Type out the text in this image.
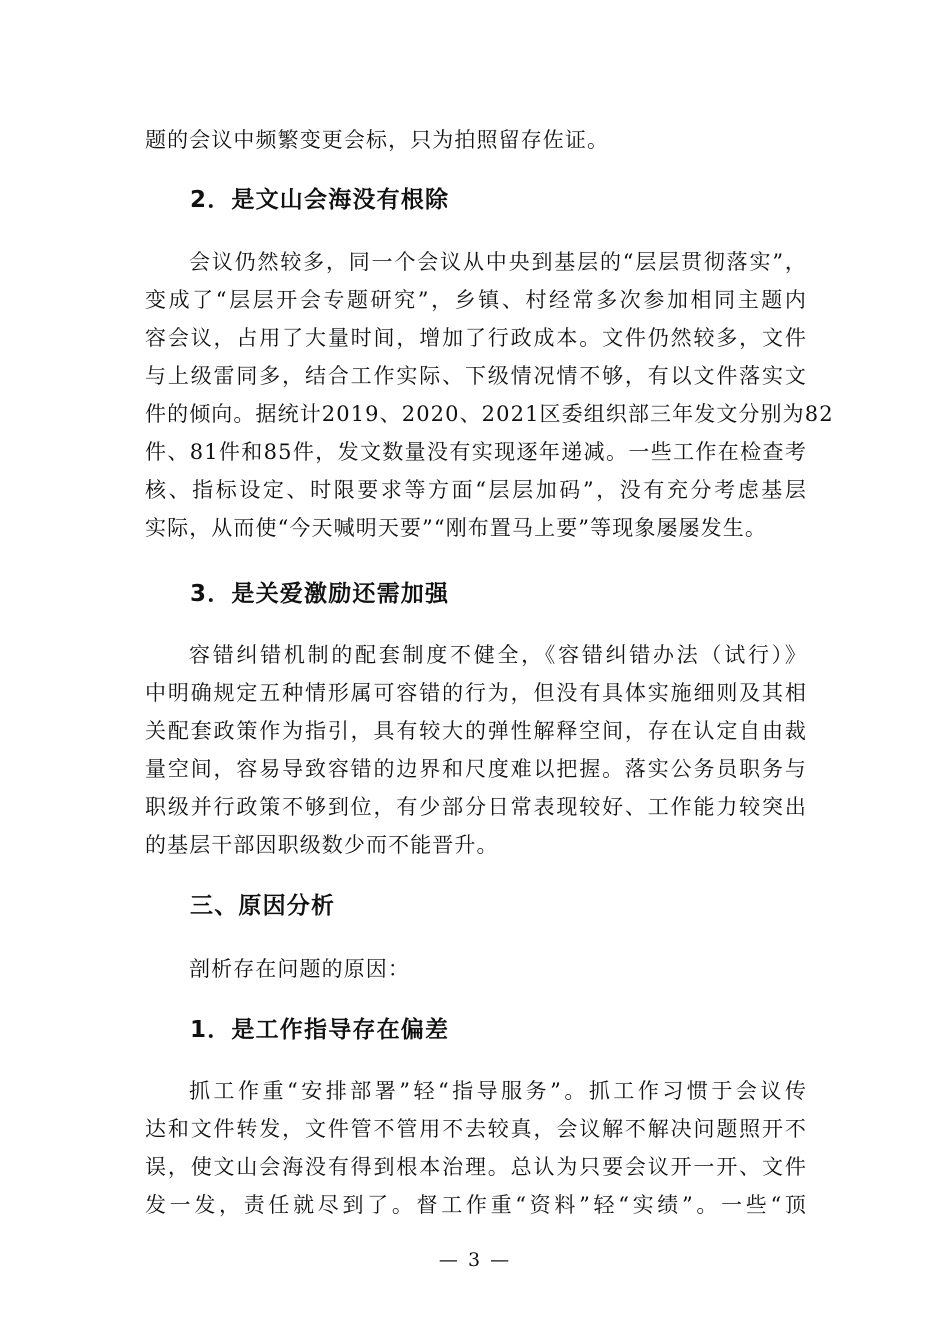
题的会议中频繁变更会标，只为拍照留存佐证。
2．是文山会海没有根除
会议仍然较多，同一个会议从中央到基层的“层层贯彻落实”，
变成了“层层开会专题研究”，乡镇、村经常多次参加相同主题内
容会议，占用了大量时间，增加了行政成本。文件仍然较多，文件
与上级雷同多，结合工作实际、下级情况情不够，有以文件落实文
件的倾向。据统计2019、2020、2021区委组织部三年发文分别为82
件、81件和85件，发文数量没有实现逐年递减。一些工作在检查考
核、指标设定、时限要求等方面“层层加码”，没有充分考虑基层
实际，从而使“今天喊明天要”“刚布置马上要”等现象屡屡发生。
3．是关爱激励还需加强
容错纠错机制的配套制度不健全，《容错纠错办法（试行）》
中明确规定五种情形属可容错的行为，但没有具体实施细则及其相
关配套政策作为指引，具有较大的弹性解释空间，存在认定自由裁
量空间，容易导致容错的边界和尺度难以把握。落实公务员职务与
职级并行政策不够到位，有少部分日常表现较好、工作能力较突出
的基层干部因职级数少而不能晋升。
三、原因分析
剖析存在问题的原因：
1．是工作指导存在偏差
抓工作重“安排部署”轻“指导服务”。抓工作习惯于会议传
达和文件转发，文件管不管用不去较真，会议解不解决问题照开不
误，使文山会海没有得到根本治理。总认为只要会议开一开、文件
发一发，责任就尽到了。督工作重“资料”轻“实绩”。一些“顶
— 3 —
